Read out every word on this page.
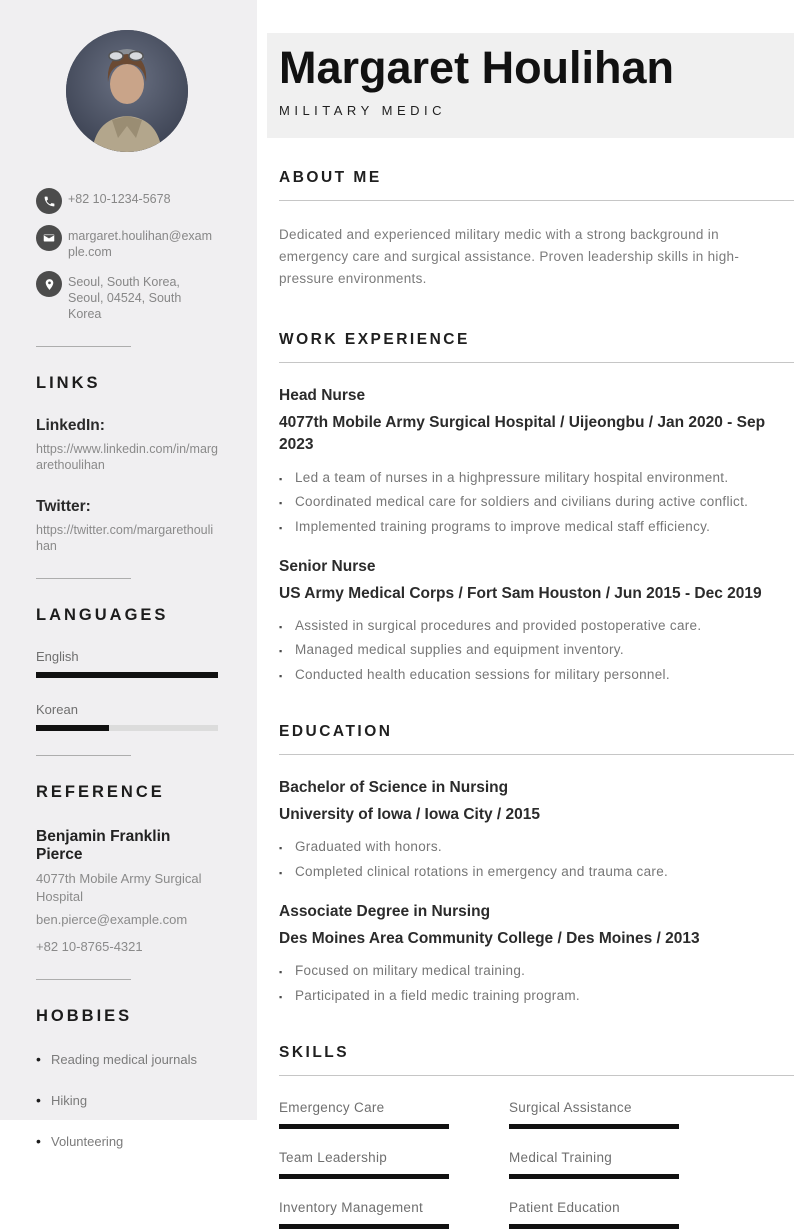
+82 10-1234-5678
margaret.houlihan@example.com
Seoul, South Korea, Seoul, 04524, South Korea
LINKS
LinkedIn:
https://www.linkedin.com/in/margarethoulihan
Twitter:
https://twitter.com/margarethoulihan
LANGUAGES
English
Korean
REFERENCE
Benjamin Franklin Pierce
4077th Mobile Army Surgical Hospital
ben.pierce@example.com
+82 10-8765-4321
HOBBIES
• Reading medical journals
• Hiking
• Volunteering
Margaret Houlihan
MILITARY MEDIC
ABOUT ME

Dedicated and experienced military medic with a strong background in emergency care and surgical assistance. Proven leadership skills in high-pressure environments.

WORK EXPERIENCE
Head Nurse
4077th Mobile Army Surgical Hospital / Uijeongbu / Jan 2020 - Sep 2023
▪ Led a team of nurses in a highpressure military hospital environment.
▪ Coordinated medical care for soldiers and civilians during active conflict.
▪ Implemented training programs to improve medical staff efficiency.
Senior Nurse
US Army Medical Corps / Fort Sam Houston / Jun 2015 - Dec 2019
▪ Assisted in surgical procedures and provided postoperative care.
▪ Managed medical supplies and equipment inventory.
▪ Conducted health education sessions for military personnel.
EDUCATION
Bachelor of Science in Nursing
University of Iowa / Iowa City / 2015
▪ Graduated with honors.
▪ Completed clinical rotations in emergency and trauma care.
Associate Degree in Nursing
Des Moines Area Community College / Des Moines / 2013
▪ Focused on military medical training.
▪ Participated in a field medic training program.
SKILLS
Emergency Care	Surgical Assistance
Team Leadership	Medical Training
Inventory Management	Patient Education
